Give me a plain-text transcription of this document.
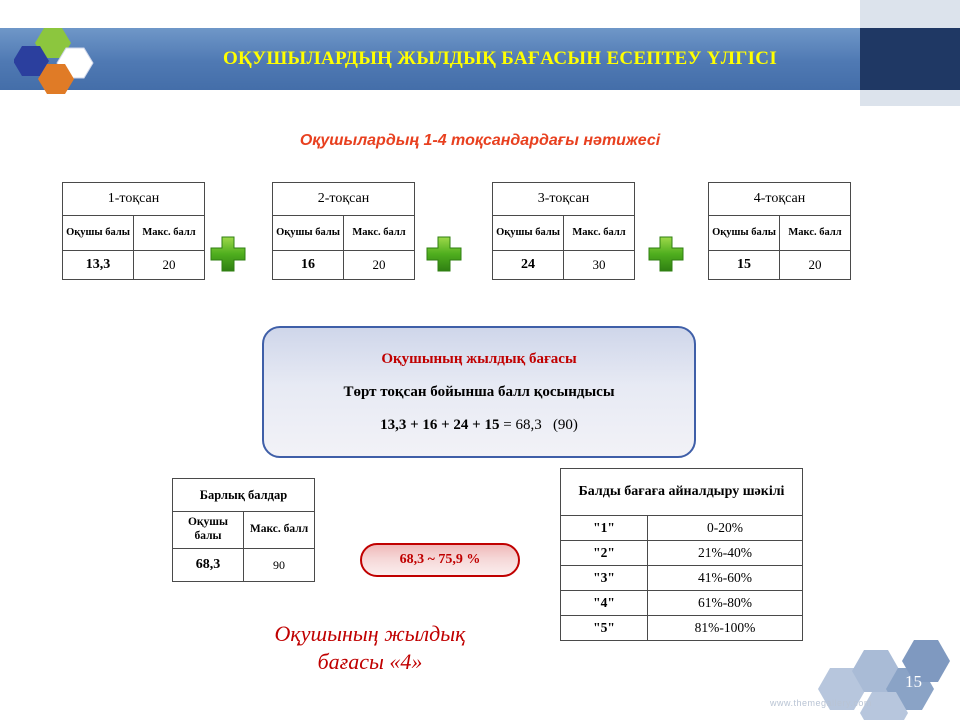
ОҚУШЫЛАРДЫҢ ЖЫЛДЫҚ БАҒАСЫН ЕСЕПТЕУ ҮЛГІСІ
Оқушылардың 1-4 тоқсандардағы нәтижесі
1-тоқсан	
Оқушы балы	Макс. балл
13,3	20
2-тоқсан	
Оқушы балы	Макс. балл
16	20
3-тоқсан	
Оқушы балы	Макс. балл
24	30
4-тоқсан	
Оқушы балы	Макс. балл
15	20
Оқушының жылдық бағасы
Төрт тоқсан бойынша балл қосындысы
13,3 + 16 + 24 + 15 = 68,3 (90)
Барлық балдар	
Оқушы балы	Макс. балл
68,3	90	68,3 ~ 75,9 %
Балды бағаға айналдыру шәкілі	
"1"	0-20%
"2"	21%-40%
"3"	41%-60%
"4"	61%-80%
"5"	81%-100%
Оқушының жылдық
бағасы «4»
15
www.themegallery.com
